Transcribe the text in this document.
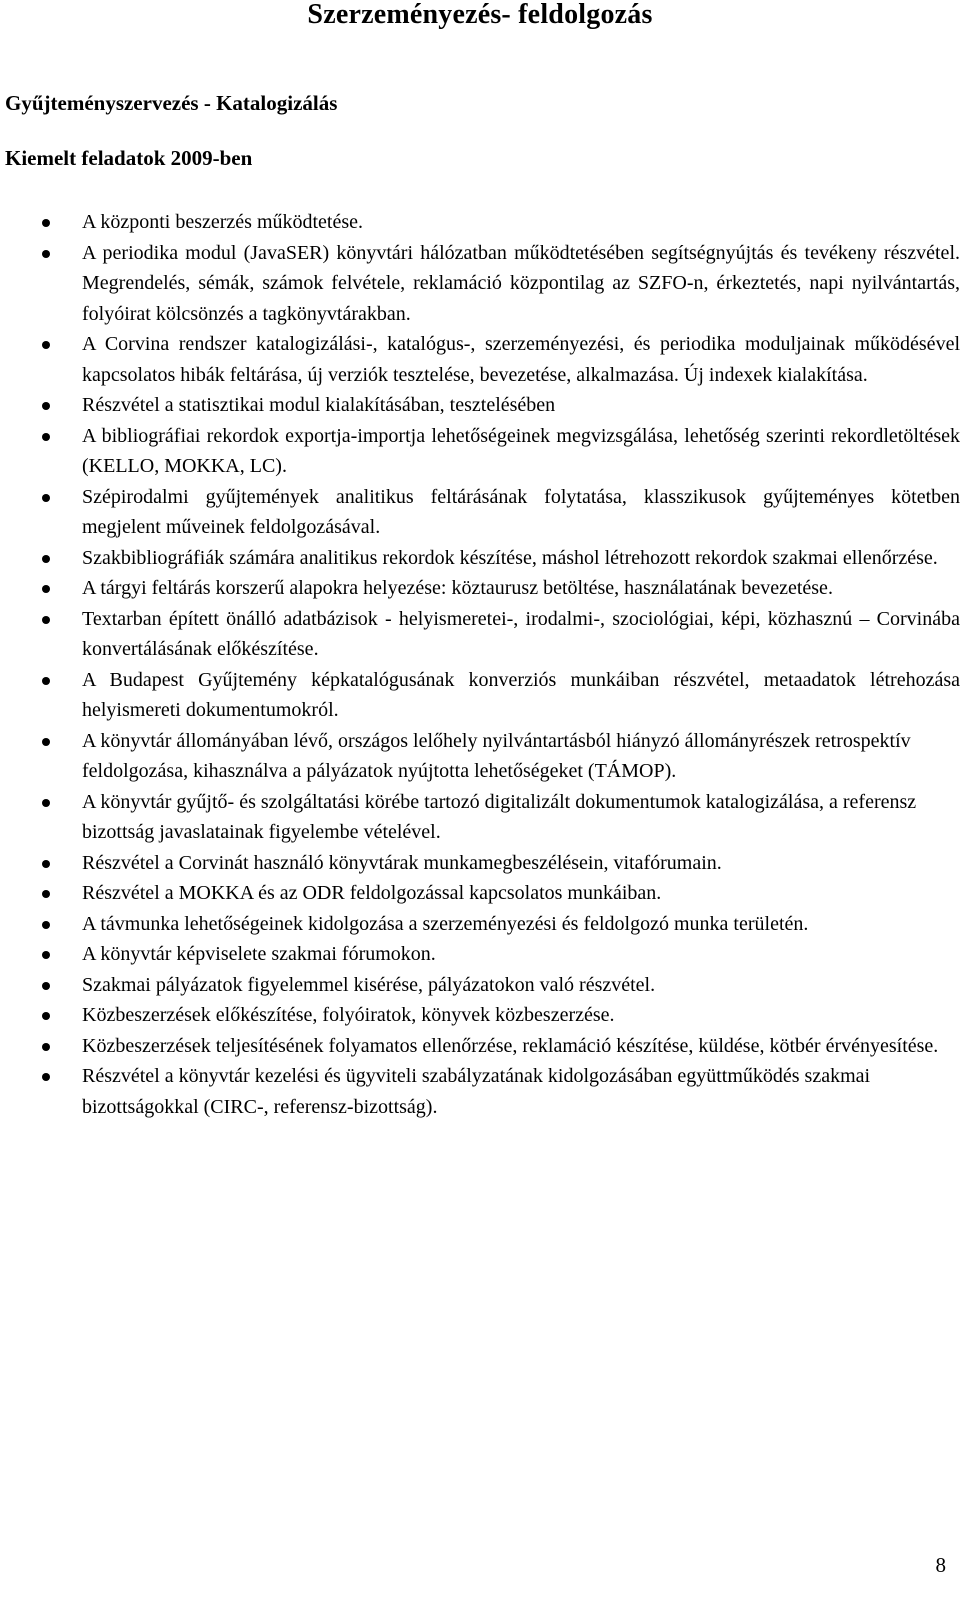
Szerzeményezés- feldolgozás
Gyűjteményszervezés - Katalogizálás
Kiemelt feladatok 2009-ben
A központi beszerzés működtetése.
A periodika modul (JavaSER) könyvtári hálózatban működtetésében segítségnyújtás és tevékeny részvétel. Megrendelés, sémák, számok felvétele, reklamáció központilag az SZFO-n, érkeztetés, napi nyilvántartás, folyóirat kölcsönzés a tagkönyvtárakban.
A Corvina rendszer katalogizálási-, katalógus-, szerzeményezési, és periodika moduljainak működésével kapcsolatos hibák feltárása, új verziók tesztelése, bevezetése, alkalmazása. Új indexek kialakítása.
Részvétel a statisztikai modul kialakításában, tesztelésében
A bibliográfiai rekordok exportja-importja lehetőségeinek megvizsgálása, lehetőség szerinti rekordletöltések (KELLO, MOKKA, LC).
Szépirodalmi gyűjtemények analitikus feltárásának folytatása, klasszikusok gyűjteményes kötetben megjelent műveinek feldolgozásával.
Szakbibliográfiák számára analitikus rekordok készítése, máshol létrehozott rekordok szakmai ellenőrzése.
A tárgyi feltárás korszerű alapokra helyezése: köztaurusz betöltése, használatának bevezetése.
Textarban épített önálló adatbázisok - helyismeretei-, irodalmi-, szociológiai, képi, közhasznú – Corvinába konvertálásának előkészítése.
A Budapest Gyűjtemény képkatalógusának konverziós munkáiban részvétel, metaadatok létrehozása helyismereti dokumentumokról.
A könyvtár állományában lévő, országos lelőhely nyilvántartásból hiányzó állományrészek retrospektív feldolgozása, kihasználva a pályázatok nyújtotta lehetőségeket (TÁMOP).
A könyvtár gyűjtő- és szolgáltatási körébe tartozó digitalizált dokumentumok katalogizálása, a referensz bizottság javaslatainak figyelembe vételével.
Részvétel a Corvinát használó könyvtárak munkamegbeszélésein, vitafórumain.
Részvétel a MOKKA és az ODR feldolgozással kapcsolatos munkáiban.
A távmunka lehetőségeinek kidolgozása a szerzeményezési és feldolgozó munka területén.
A könyvtár képviselete szakmai fórumokon.
Szakmai pályázatok figyelemmel kisérése, pályázatokon való részvétel.
Közbeszerzések előkészítése, folyóiratok, könyvek közbeszerzése.
Közbeszerzések teljesítésének folyamatos ellenőrzése, reklamáció készítése, küldése, kötbér érvényesítése.
Részvétel a könyvtár kezelési és ügyviteli szabályzatának kidolgozásában együttműködés szakmai bizottságokkal (CIRC-, referensz-bizottság).
8
